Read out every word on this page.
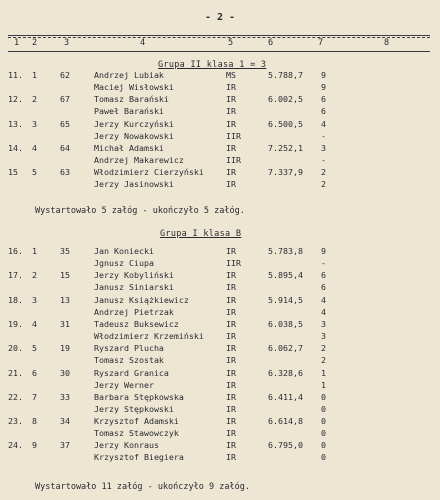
- 2 -
1 2	3	4	5	6	7	8
Grupa II klasa 1 = 3
11. 1	62	Andrzej Lubiak	MS	5.788,7 9
Maciej Wisłowski	IR	9
12. 2	67	Tomasz Barański	IR	6.002,5 6
Paweł Barański	IR	6
13. 3	65	Jerzy Kurczyński	IR	6.500,5 4
Jerzy Nowakowski	IIR	-
14. 4	64	Michał Adamski	IR	7.252,1 3
Andrzej Makarewicz	IIR	-
15 5	63	Włodzimierz Cierzyński	IR	7.337,9 2
Jerzy Jasinowski	IR	2
Wystartowało 5 załóg - ukończyło 5 załóg.
Grupa I klasa B
16. 1	35	Jan Koniecki	IR	5.783,8 9
Jgnusz Ciupa	IIR	-
17. 2	15	Jerzy Kobyliński	IR	5.895,4 6
Janusz Siniarski	IR	6
18. 3	13	Janusz Książkiewicz	IR	5.914,5 4
Andrzej Pietrzak	IR	4
19. 4	31	Tadeusz Buksewicz	IR	6.038,5 3
Włodzimierz Krzemiński	IR	3
20. 5	19	Ryszard Plucha	IR	6.062,7 2
Tomasz Szostak	IR	2
21. 6	30	Ryszard Granica	IR	6.328,6 1
Jerzy Werner	IR	1
22. 7	33	Barbara Stępkowska	IR	6.411,4 0
Jerzy Stępkowski	IR	0
23. 8	34	Krzysztof Adamski	IR	6.614,8 0
Tomasz Stawowczyk	IR	0
24. 9	37	Jerzy Konraus	IR	6.795,0 0
Krzysztof Biegiera	IR	0
Wystartowało 11 załóg - ukończyło 9 załóg.
